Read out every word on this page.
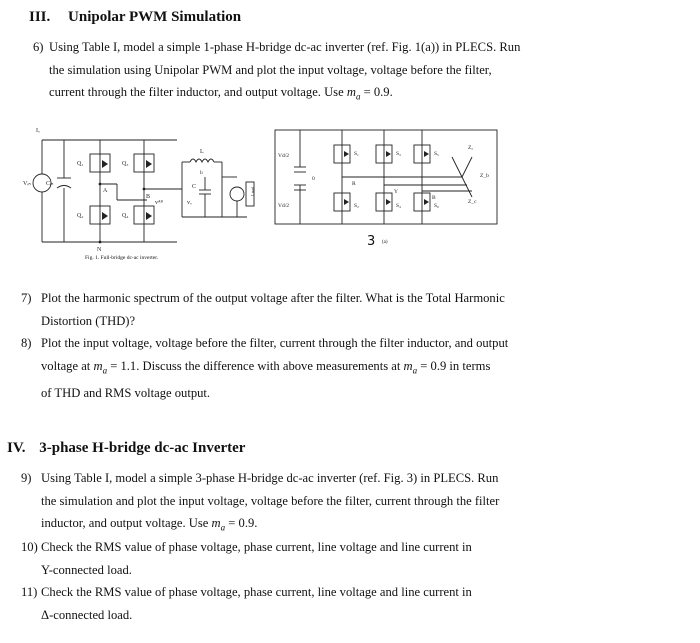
III. Unipolar PWM Simulation
6) Using Table I, model a simple 1-phase H-bridge dc-ac inverter (ref. Fig. 1(a)) in PLECS. Run
the simulation using Unipolar PWM and plot the input voltage, voltage before the filter,
current through the filter inductor, and output voltage. Use $m_a = 0.9$.
Iₒ
Vᵢₙ	Cᵢₙ
Q₁
Q₂
Q₃
Q₄
A
B
N
L
iₗ
vᴬᴮ	vₒ
C	Load
Fig. 1. Full-bridge dc-ac inverter.
Vd/2
Vd/2
0
S₁
S₂
S₃
S₄
S₅
S₆
R
Y
B
Zₐ
Z_b
Z_c
3 (a)
7) Plot the harmonic spectrum of the output voltage after the filter. What is the Total Harmonic
Distortion (THD)?
8) Plot the input voltage, voltage before the filter, current through the filter inductor, and output
voltage at $m_a = 1.1$. Discuss the difference with above measurements at $m_a = 0.9$ in terms
of THD and RMS voltage output.
IV. 3-phase H-bridge dc-ac Inverter
9) Using Table I, model a simple 3-phase H-bridge dc-ac inverter (ref. Fig. 3) in PLECS. Run
the simulation and plot the input voltage, voltage before the filter, current through the filter
inductor, and output voltage. Use $m_a = 0.9$.
10) Check the RMS value of phase voltage, phase current, line voltage and line current in
Y-connected load.
11) Check the RMS value of phase voltage, phase current, line voltage and line current in
Δ-connected load.
